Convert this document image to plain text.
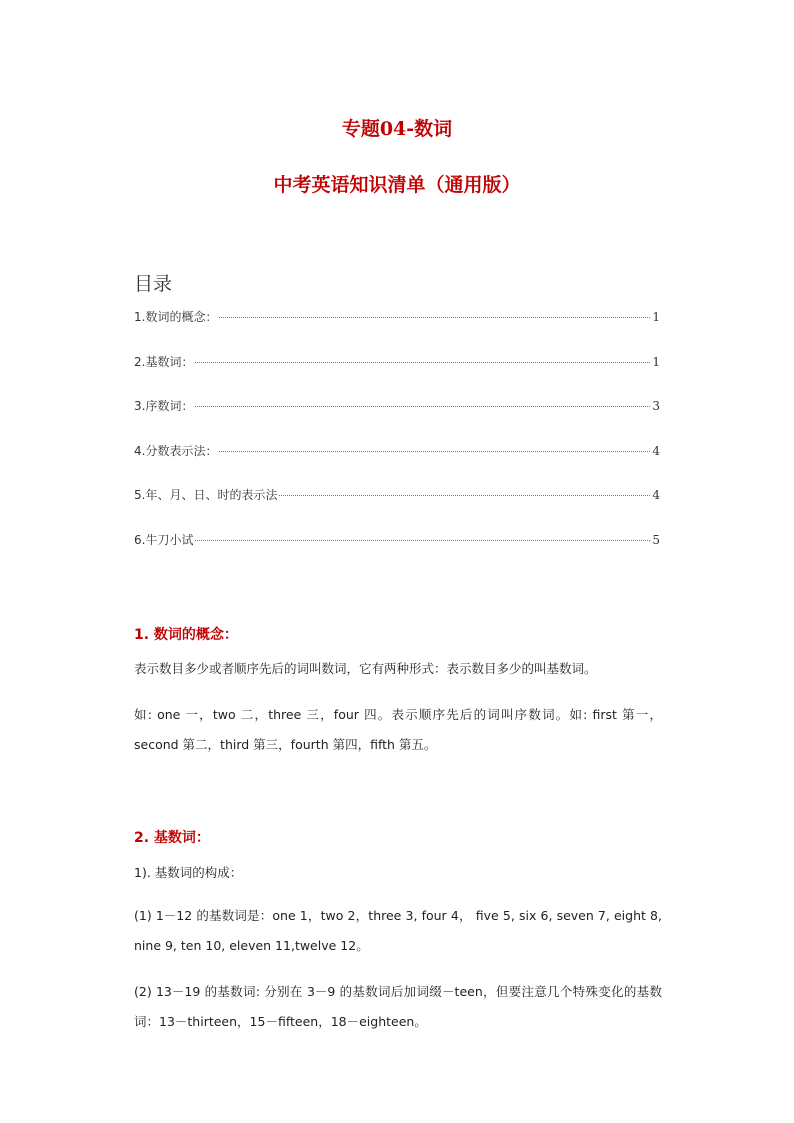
专题04-数词
中考英语知识清单（通用版）
目录
1.数词的概念：	1
2.基数词：	1
3.序数词：	3
4.分数表示法：	4
5.年、月、日、时的表示法	4
6.牛刀小试	5
1. 数词的概念：
表示数目多少或者顺序先后的词叫数词，它有两种形式：表示数目多少的叫基数词。
如: one 一，two 二，three 三，four 四。表示顺序先后的词叫序数词。如: first 第一，second 第二，third 第三，fourth 第四，fifth 第五。
2. 基数词：
1). 基数词的构成：
(1) 1－12 的基数词是：one 1，two 2，three 3, four 4， five 5, six 6, seven 7, eight 8, nine 9, ten 10, eleven 11,twelve 12。
(2) 13－19 的基数词: 分别在 3－9 的基数词后加词缀－teen，但要注意几个特殊变化的基数词：13－thirteen，15－fifteen，18－eighteen。
